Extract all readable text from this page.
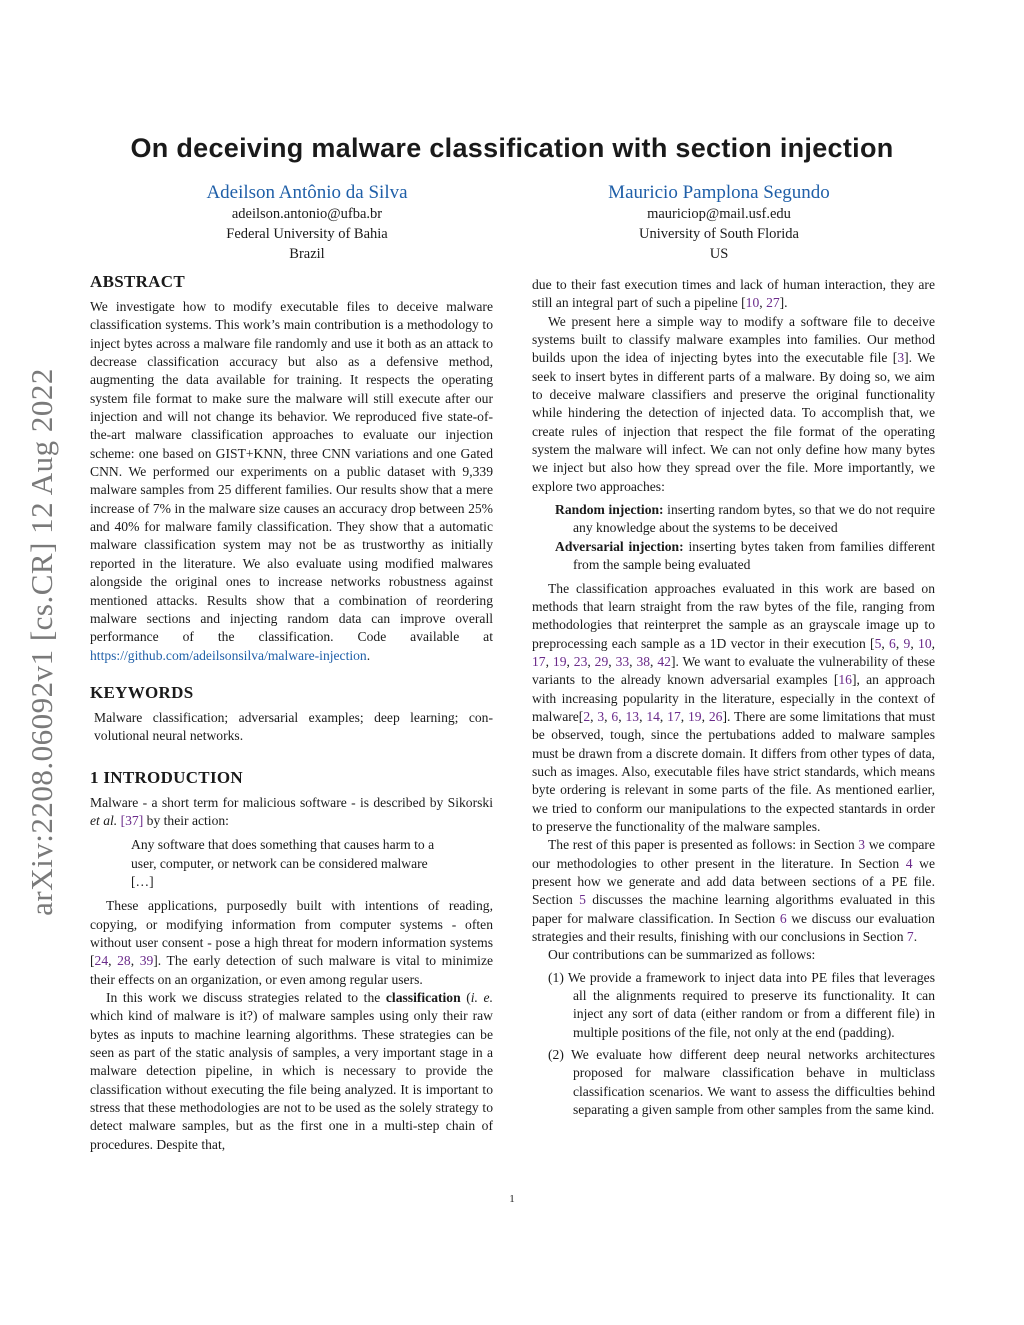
arXiv:2208.06092v1 [cs.CR] 12 Aug 2022
On deceiving malware classification with section injection
Adeilson Antônio da Silva
adeilson.antonio@ufba.br
Federal University of Bahia
Brazil
Mauricio Pamplona Segundo
mauriciop@mail.usf.edu
University of South Florida
US
ABSTRACT

We investigate how to modify executable files to deceive malware classification systems. This work’s main contribution is a methodology to inject bytes across a malware file randomly and use it both as an attack to decrease classification accuracy but also as a defensive method, augmenting the data available for training. It respects the operating system file format to make sure the malware will still execute after our injection and will not change its behavior. We reproduced five state-of-the-art malware classification approaches to evaluate our injection scheme: one based on GIST+KNN, three CNN variations and one Gated CNN. We performed our experiments on a public dataset with 9,339 malware samples from 25 different families. Our results show that a mere increase of 7% in the malware size causes an accuracy drop between 25% and 40% for malware family classification. They show that a automatic malware classification system may not be as trustworthy as initially reported in the literature. We also evaluate using modified malwares alongside the original ones to increase networks robustness against mentioned attacks. Results show that a combination of reordering malware sections and injecting random data can improve overall performance of the classification. Code available at https://github.com/adeilsonsilva/malware-injection.

KEYWORDS

Malware classification; adversarial examples; deep learning; convolutional neural networks.

1 INTRODUCTION

Malware - a short term for malicious software - is described by Sikorski et al. [37] by their action:

Any software that does something that causes harm to a user, computer, or network can be considered malware […]

These applications, purposedly built with intentions of reading, copying, or modifying information from computer systems - often without user consent - pose a high threat for modern information systems [24, 28, 39]. The early detection of such malware is vital to minimize their effects on an organization, or even among regular users.

In this work we discuss strategies related to the classification (i. e. which kind of malware is it?) of malware samples using only their raw bytes as inputs to machine learning algorithms. These strategies can be seen as part of the static analysis of samples, a very important stage in a malware detection pipeline, in which is necessary to provide the classification without executing the file being analyzed. It is important to stress that these methodologies are not to be used as the solely strategy to detect malware samples, but as the first one in a multi-step chain of procedures. Despite that,

due to their fast execution times and lack of human interaction, they are still an integral part of such a pipeline [10, 27].

We present here a simple way to modify a software file to deceive systems built to classify malware examples into families. Our method builds upon the idea of injecting bytes into the executable file [3]. We seek to insert bytes in different parts of a malware. By doing so, we aim to deceive malware classifiers and preserve the original functionality while hindering the detection of injected data. To accomplish that, we create rules of injection that respect the file format of the operating system the malware will infect. We can not only define how many bytes we inject but also how they spread over the file. More importantly, we explore two approaches:

Random injection: inserting random bytes, so that we do not require any knowledge about the systems to be deceived

Adversarial injection: inserting bytes taken from families different from the sample being evaluated

The classification approaches evaluated in this work are based on methods that learn straight from the raw bytes of the file, ranging from methodologies that reinterpret the sample as an grayscale image up to preprocessing each sample as a 1D vector in their execution [5, 6, 9, 10, 17, 19, 23, 29, 33, 38, 42]. We want to evaluate the vulnerability of these variants to the already known adversarial examples [16], an approach with increasing popularity in the literature, especially in the context of malware[2, 3, 6, 13, 14, 17, 19, 26]. There are some limitations that must be observed, tough, since the pertubations added to malware samples must be drawn from a discrete domain. It differs from other types of data, such as images. Also, executable files have strict standards, which means byte ordering is relevant in some parts of the file. As mentioned earlier, we tried to conform our manipulations to the expected stantards in order to preserve the functionality of the malware samples.

The rest of this paper is presented as follows: in Section 3 we compare our methodologies to other present in the literature. In Section 4 we present how we generate and add data between sections of a PE file. Section 5 discusses the machine learning algorithms evaluated in this paper for malware classification. In Section 6 we discuss our evaluation strategies and their results, finishing with our conclusions in Section 7.

Our contributions can be summarized as follows:

(1) We provide a framework to inject data into PE files that leverages all the alignments required to preserve its functionality. It can inject any sort of data (either random or from a different file) in multiple positions of the file, not only at the end (padding).

(2) We evaluate how different deep neural networks architectures proposed for malware classification behave in multiclass classification scenarios. We want to assess the difficulties behind separating a given sample from other samples from the same kind.

1
